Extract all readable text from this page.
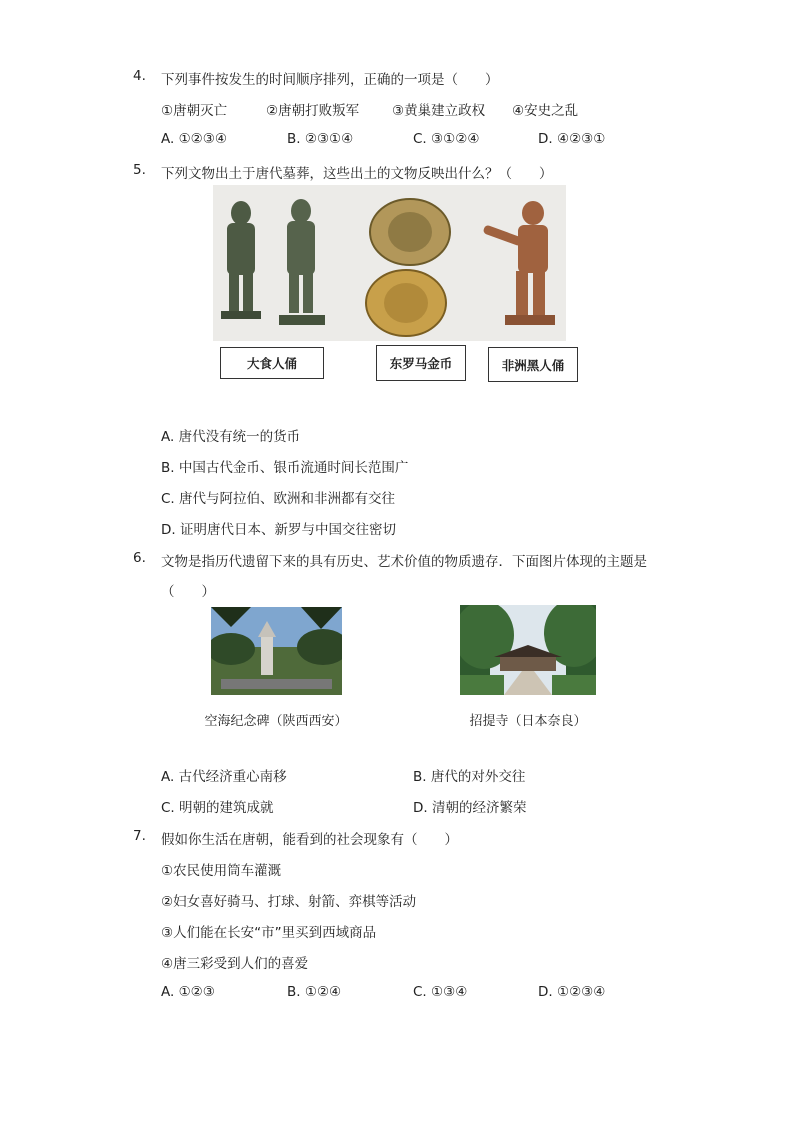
4.	下列事件按发生的时间顺序排列，正确的一项是（　　）
①唐朝灭亡	②唐朝打败叛军 ③黄巢建立政权 ④安史之乱
A. ①②③④	B. ②③①④	C. ③①②④	D. ④②③①
5.	下列文物出土于唐代墓葬，这些出土的文物反映出什么？（　　）
大食人俑	东罗马金币	非洲黑人俑
A. 唐代没有统一的货币
B. 中国古代金币、银币流通时间长范围广
C. 唐代与阿拉伯、欧洲和非洲都有交往
D. 证明唐代日本、新罗与中国交往密切
6.	文物是指历代遗留下来的具有历史、艺术价值的物质遗存．下面图片体现的主题是
（　　）
空海纪念碑（陕西西安）	招提寺（日本奈良）
A. 古代经济重心南移	B. 唐代的对外交往
C. 明朝的建筑成就	D. 清朝的经济繁荣
7.	假如你生活在唐朝，能看到的社会现象有（　　）
①农民使用筒车灌溉
②妇女喜好骑马、打球、射箭、弈棋等活动
③人们能在长安“市”里买到西域商品
④唐三彩受到人们的喜爱
A. ①②③	B. ①②④	C. ①③④	D. ①②③④
